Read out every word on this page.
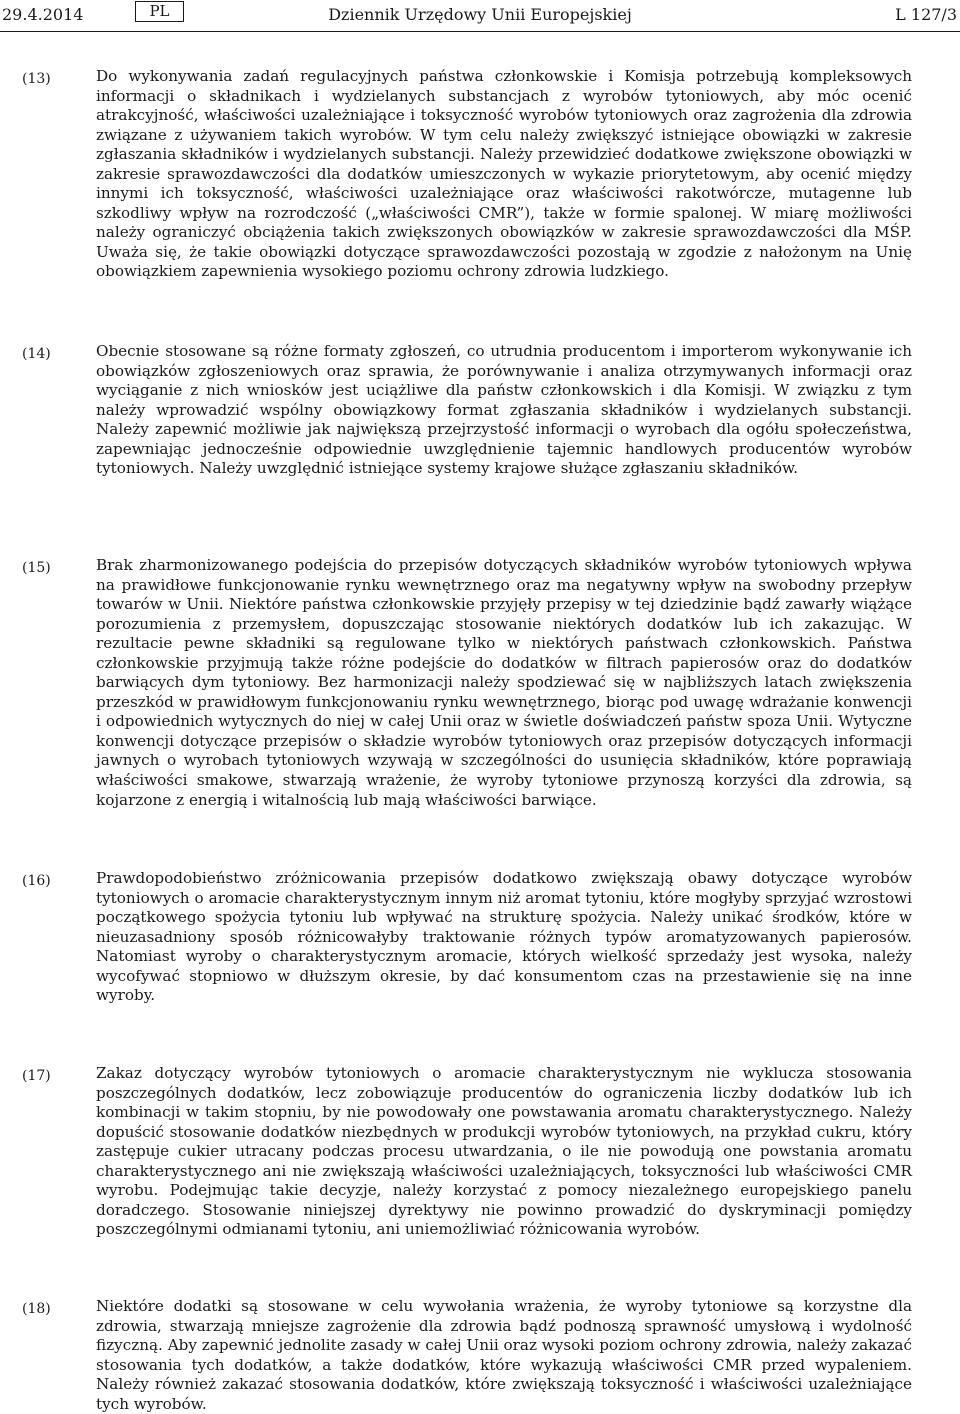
29.4.2014	PL	Dziennik Urzędowy Unii Europejskiej	L 127/3
(13)	Do wykonywania zadań regulacyjnych państwa członkowskie i Komisja potrzebują kompleksowych informacji o składnikach i wydzielanych substancjach z wyrobów tytoniowych, aby móc ocenić atrakcyjność, właściwości uzależniające i toksyczność wyrobów tytoniowych oraz zagrożenia dla zdrowia związane z używaniem takich wyrobów. W tym celu należy zwiększyć istniejące obowiązki w zakresie zgłaszania składników i wydzielanych substancji. Należy przewidzieć dodatkowe zwiększone obowiązki w zakresie sprawozdawczości dla dodatków umieszczonych w wykazie priorytetowym, aby ocenić między innymi ich toksyczność, właściwości uzależniające oraz właściwości rakotwórcze, mutagenne lub szkodliwy wpływ na rozrodczość („właściwości CMR”), także w formie spalonej. W miarę możliwości należy ograniczyć obciążenia takich zwiększonych obowiązków w zakresie sprawozdawczości dla MŚP. Uważa się, że takie obowiązki dotyczące sprawozdawczości pozostają w zgodzie z nałożonym na Unię obowiązkiem zapewnienia wysokiego poziomu ochrony zdrowia ludzkiego.
(14)	Obecnie stosowane są różne formaty zgłoszeń, co utrudnia producentom i importerom wykonywanie ich obowiązków zgłoszeniowych oraz sprawia, że porównywanie i analiza otrzymywanych informacji oraz wyciąganie z nich wniosków jest uciążliwe dla państw członkowskich i dla Komisji. W związku z tym należy wprowadzić wspólny obowiązkowy format zgłaszania składników i wydzielanych substancji. Należy zapewnić możliwie jak największą przejrzystość informacji o wyrobach dla ogółu społeczeństwa, zapewniając jednocześnie odpowiednie uwzględnienie tajemnic handlowych producentów wyrobów tytoniowych. Należy uwzględnić istniejące systemy krajowe służące zgłaszaniu składników.
(15)	Brak zharmonizowanego podejścia do przepisów dotyczących składników wyrobów tytoniowych wpływa na prawidłowe funkcjonowanie rynku wewnętrznego oraz ma negatywny wpływ na swobodny przepływ towarów w Unii. Niektóre państwa członkowskie przyjęły przepisy w tej dziedzinie bądź zawarły wiążące porozumienia z przemysłem, dopuszczając stosowanie niektórych dodatków lub ich zakazując. W rezultacie pewne składniki są regulowane tylko w niektórych państwach członkowskich. Państwa członkowskie przyjmują także różne podejście do dodatków w filtrach papierosów oraz do dodatków barwiących dym tytoniowy. Bez harmonizacji należy spodziewać się w najbliższych latach zwiększenia przeszkód w prawidłowym funkcjonowaniu rynku wewnętrznego, biorąc pod uwagę wdrażanie konwencji i odpowiednich wytycznych do niej w całej Unii oraz w świetle doświadczeń państw spoza Unii. Wytyczne konwencji dotyczące przepisów o składzie wyrobów tytoniowych oraz przepisów dotyczących informacji jawnych o wyrobach tytoniowych wzywają w szczególności do usunięcia składników, które poprawiają właściwości smakowe, stwarzają wrażenie, że wyroby tytoniowe przynoszą korzyści dla zdrowia, są kojarzone z energią i witalnością lub mają właściwości barwiące.
(16)	Prawdopodobieństwo zróżnicowania przepisów dodatkowo zwiększają obawy dotyczące wyrobów tytoniowych o aromacie charakterystycznym innym niż aromat tytoniu, które mogłyby sprzyjać wzrostowi początkowego spożycia tytoniu lub wpływać na strukturę spożycia. Należy unikać środków, które w nieuzasadniony sposób różnicowałyby traktowanie różnych typów aromatyzowanych papierosów. Natomiast wyroby o charakterystycznym aromacie, których wielkość sprzedaży jest wysoka, należy wycofywać stopniowo w dłuższym okresie, by dać konsumentom czas na przestawienie się na inne wyroby.
(17)	Zakaz dotyczący wyrobów tytoniowych o aromacie charakterystycznym nie wyklucza stosowania poszczególnych dodatków, lecz zobowiązuje producentów do ograniczenia liczby dodatków lub ich kombinacji w takim stopniu, by nie powodowały one powstawania aromatu charakterystycznego. Należy dopuścić stosowanie dodatków niezbędnych w produkcji wyrobów tytoniowych, na przykład cukru, który zastępuje cukier utracany podczas procesu utwardzania, o ile nie powodują one powstania aromatu charakterystycznego ani nie zwiększają właściwości uzależniających, toksyczności lub właściwości CMR wyrobu. Podejmując takie decyzje, należy korzystać z pomocy niezależnego europejskiego panelu doradczego. Stosowanie niniejszej dyrektywy nie powinno prowadzić do dyskryminacji pomiędzy poszczególnymi odmianami tytoniu, ani uniemożliwiać różnicowania wyrobów.
(18)	Niektóre dodatki są stosowane w celu wywołania wrażenia, że wyroby tytoniowe są korzystne dla zdrowia, stwarzają mniejsze zagrożenie dla zdrowia bądź podnoszą sprawność umysłową i wydolność fizyczną. Aby zapewnić jednolite zasady w całej Unii oraz wysoki poziom ochrony zdrowia, należy zakazać stosowania tych dodatków, a także dodatków, które wykazują właściwości CMR przed wypaleniem. Należy również zakazać stosowania dodatków, które zwiększają toksyczność i właściwości uzależniające tych wyrobów.
